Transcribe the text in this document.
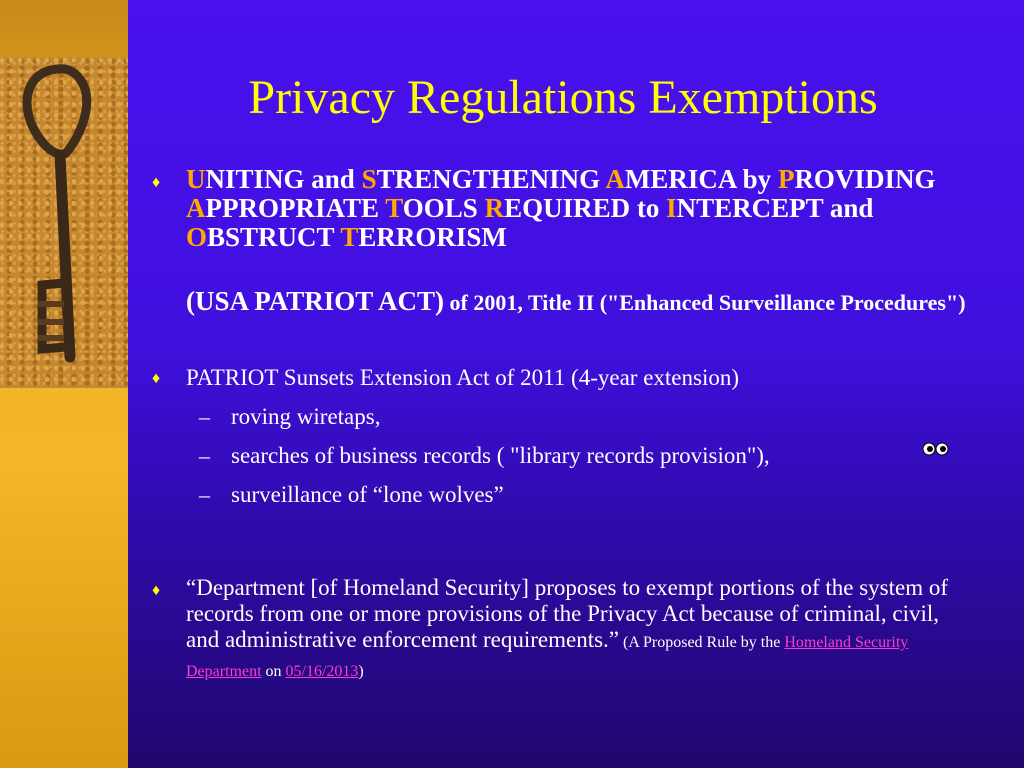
Privacy Regulations Exemptions
♦ UNITING and STRENGTHENING AMERICA by PROVIDING APPROPRIATE TOOLS REQUIRED to INTERCEPT and OBSTRUCT TERRORISM
(USA PATRIOT ACT) of 2001, Title II ("Enhanced Surveillance Procedures")
♦ PATRIOT Sunsets Extension Act of 2011 (4-year extension)
– roving wiretaps,
– searches of business records ( "library records provision"),
– surveillance of “lone wolves”
♦ “Department [of Homeland Security] proposes to exempt portions of the system of records from one or more provisions of the Privacy Act because of criminal, civil, and administrative enforcement requirements.” (A Proposed Rule by the Homeland Security Department on 05/16/2013)
